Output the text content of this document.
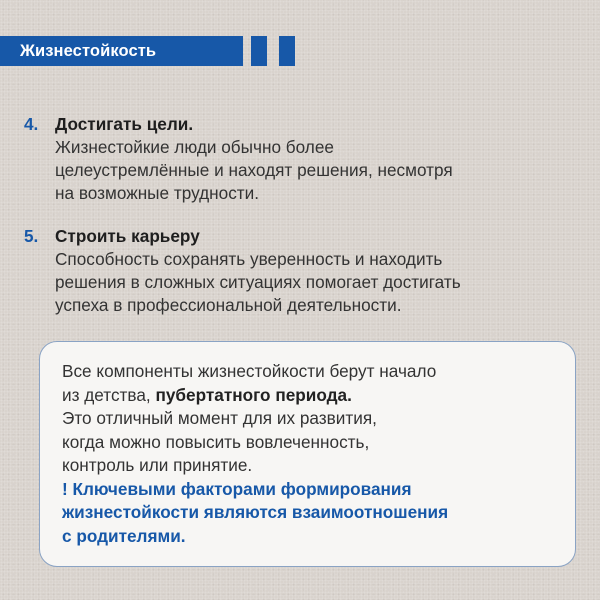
Жизнестойкость
4. Достигать цели.
Жизнестойкие люди обычно более
целеустремлённые и находят решения, несмотря
на возможные трудности.
5. Строить карьеру
Способность сохранять уверенность и находить
решения в сложных ситуациях помогает достигать
успеха в профессиональной деятельности.
Все компоненты жизнестойкости берут начало
из детства, пубертатного периода.
Это отличный момент для их развития,
когда можно повысить вовлеченность,
контроль или принятие.
! Ключевыми факторами формирования
жизнестойкости являются взаимоотношения
с родителями.
